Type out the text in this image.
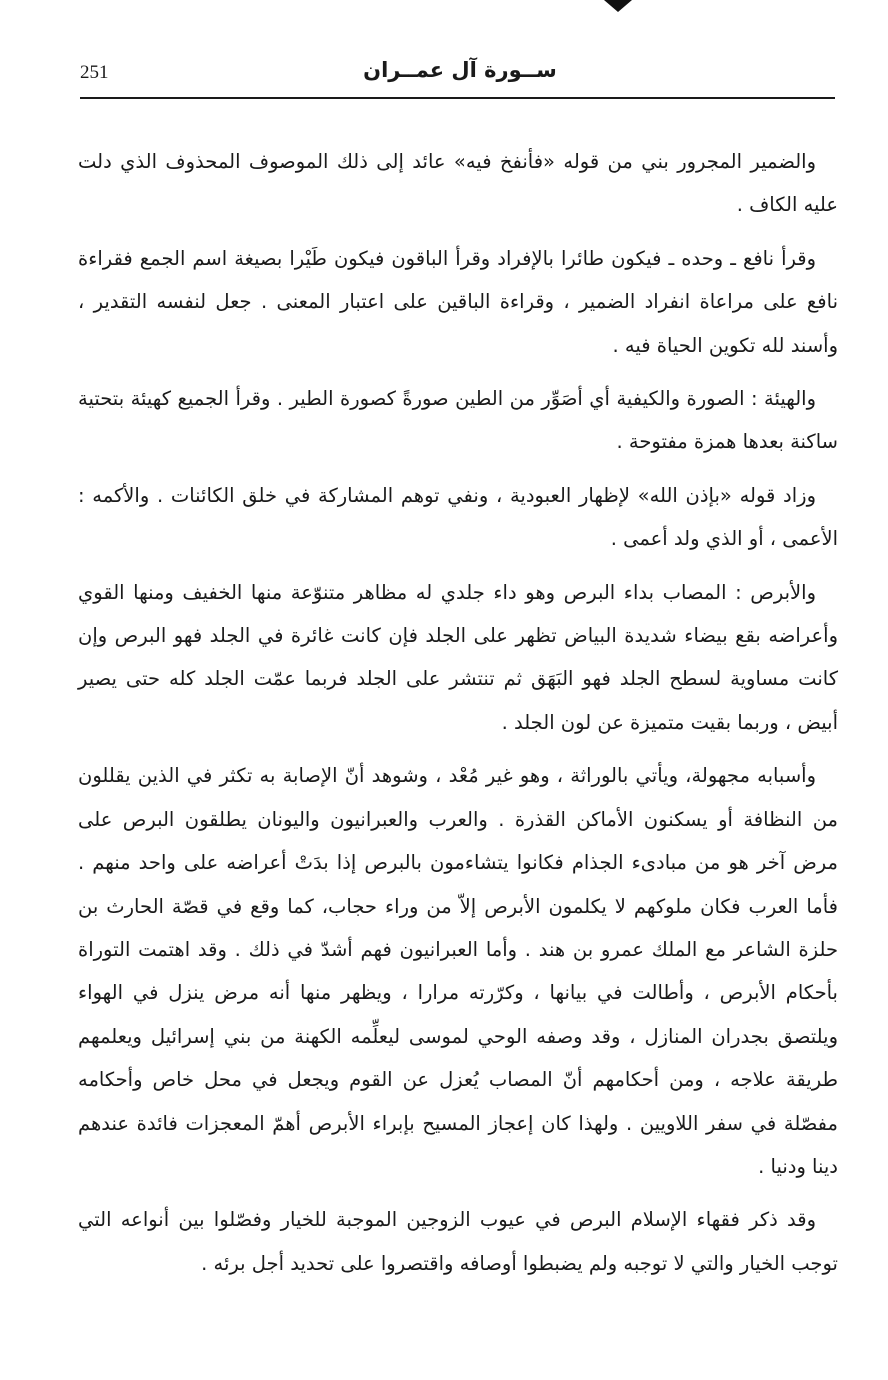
251	ســورة آل عمــران

والضمير المجرور بني من قوله «فأنفخ فيه» عائد إلى ذلك الموصوف المحذوف الذي دلت عليه الكاف .

وقرأ نافع ـ وحده ـ فيكون طائرا بالإفراد وقرأ الباقون فيكون طَيْرا بصيغة اسم الجمع فقراءة نافع على مراعاة انفراد الضمير ، وقراءة الباقين على اعتبار المعنى . جعل لنفسه التقدير ، وأسند لله تكوين الحياة فيه .

والهيئة : الصورة والكيفية أي أصَوِّر من الطين صورةً كصورة الطير . وقرأ الجميع كهيئة بتحتية ساكنة بعدها همزة مفتوحة .

وزاد قوله «بإذن الله» لإظهار العبودية ، ونفي توهم المشاركة في خلق الكائنات . والأكمه : الأعمى ، أو الذي ولد أعمى .

والأبرص : المصاب بداء البرص وهو داء جلدي له مظاهر متنوّعة منها الخفيف ومنها القوي وأعراضه بقع بيضاء شديدة البياض تظهر على الجلد فإن كانت غائرة في الجلد فهو البرص وإن كانت مساوية لسطح الجلد فهو البَهَق ثم تنتشر على الجلد فربما عمّت الجلد كله حتى يصير أبيض ، وربما بقيت متميزة عن لون الجلد .

وأسبابه مجهولة، ويأتي بالوراثة ، وهو غير مُعْد ، وشوهد أنّ الإصابة به تكثر في الذين يقللون من النظافة أو يسكنون الأماكن القذرة . والعرب والعبرانيون واليونان يطلقون البرص على مرض آخر هو من مبادىء الجذام فكانوا يتشاءمون بالبرص إذا بدَتْ أعراضه على واحد منهم . فأما العرب فكان ملوكهم لا يكلمون الأبرص إلاّ من وراء حجاب، كما وقع في قصّة الحارث بن حلزة الشاعر مع الملك عمرو بن هند . وأما العبرانيون فهم أشدّ في ذلك . وقد اهتمت التوراة بأحكام الأبرص ، وأطالت في بيانها ، وكرّرته مرارا ، ويظهر منها أنه مرض ينزل في الهواء ويلتصق بجدران المنازل ، وقد وصفه الوحي لموسى ليعلِّمه الكهنة من بني إسرائيل ويعلمهم طريقة علاجه ، ومن أحكامهم أنّ المصاب يُعزل عن القوم ويجعل في محل خاص وأحكامه مفصّلة في سفر اللاويين . ولهذا كان إعجاز المسيح بإبراء الأبرص أهمّ المعجزات فائدة عندهم دينا ودنيا .

وقد ذكر فقهاء الإسلام البرص في عيوب الزوجين الموجبة للخيار وفصّلوا بين أنواعه التي توجب الخيار والتي لا توجبه ولم يضبطوا أوصافه واقتصروا على تحديد أجل برئه .
